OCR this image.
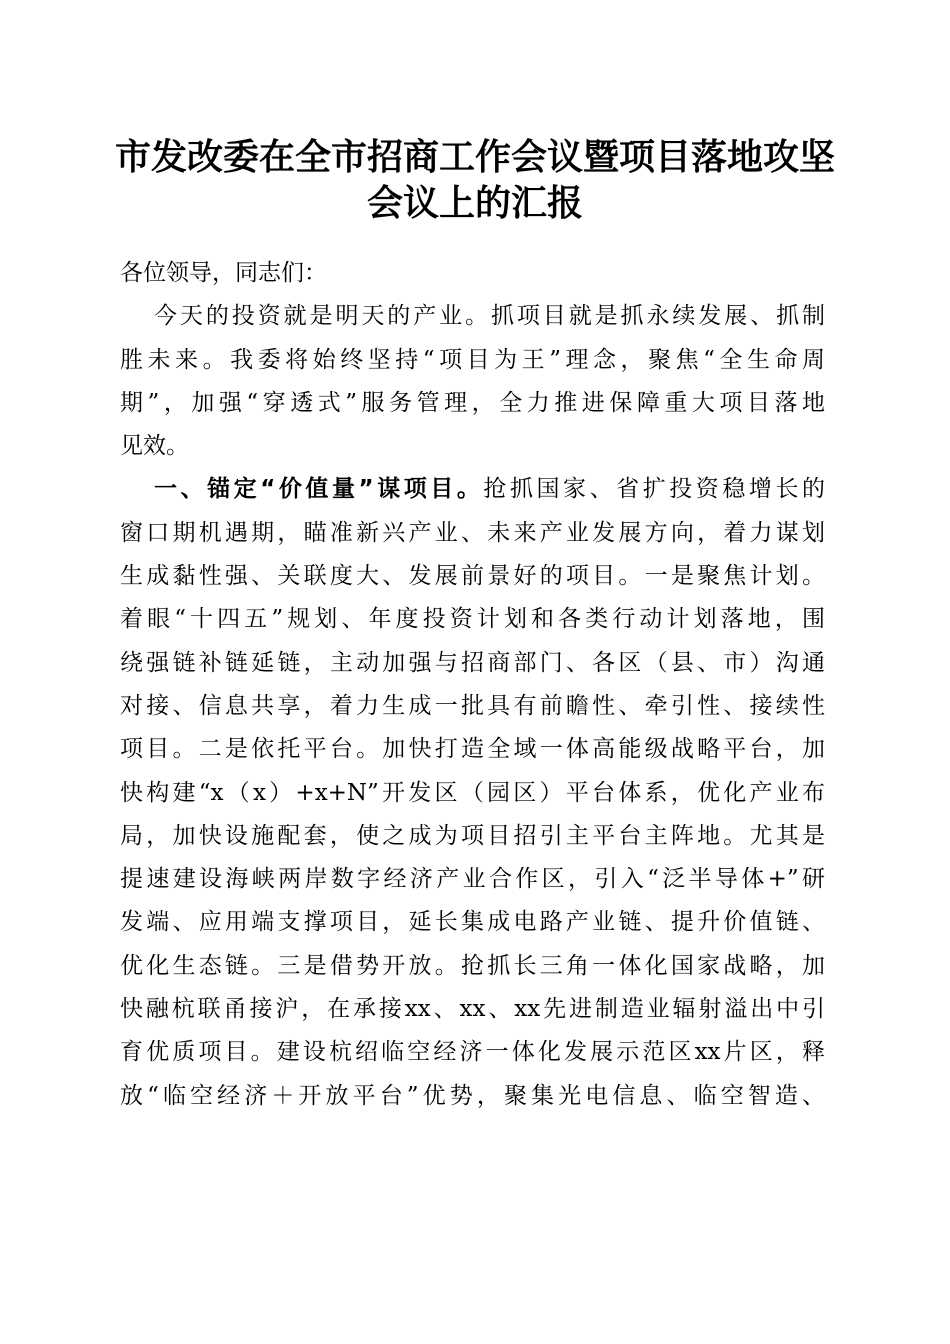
市发改委在全市招商工作会议暨项目落地攻坚
会议上的汇报
各位领导，同志们：
今天的投资就是明天的产业。抓项目就是抓永续发展、抓制
胜未来。我委将始终坚持“项目为王”理念，聚焦“全生命周
期”，加强“穿透式”服务管理，全力推进保障重大项目落地
见效。
一、锚定“价值量”谋项目。抢抓国家、省扩投资稳增长的
窗口期机遇期，瞄准新兴产业、未来产业发展方向，着力谋划
生成黏性强、关联度大、发展前景好的项目。一是聚焦计划。
着眼“十四五”规划、年度投资计划和各类行动计划落地，围
绕强链补链延链，主动加强与招商部门、各区（县、市）沟通
对接、信息共享，着力生成一批具有前瞻性、牵引性、接续性
项目。二是依托平台。加快打造全域一体高能级战略平台，加
快构建“x（x）+x+N”开发区（园区）平台体系，优化产业布
局，加快设施配套，使之成为项目招引主平台主阵地。尤其是
提速建设海峡两岸数字经济产业合作区，引入“泛半导体+”研
发端、应用端支撑项目，延长集成电路产业链、提升价值链、
优化生态链。三是借势开放。抢抓长三角一体化国家战略，加
快融杭联甬接沪，在承接xx、xx、xx先进制造业辐射溢出中引
育优质项目。建设杭绍临空经济一体化发展示范区xx片区，释
放“临空经济＋开放平台”优势，聚集光电信息、临空智造、
